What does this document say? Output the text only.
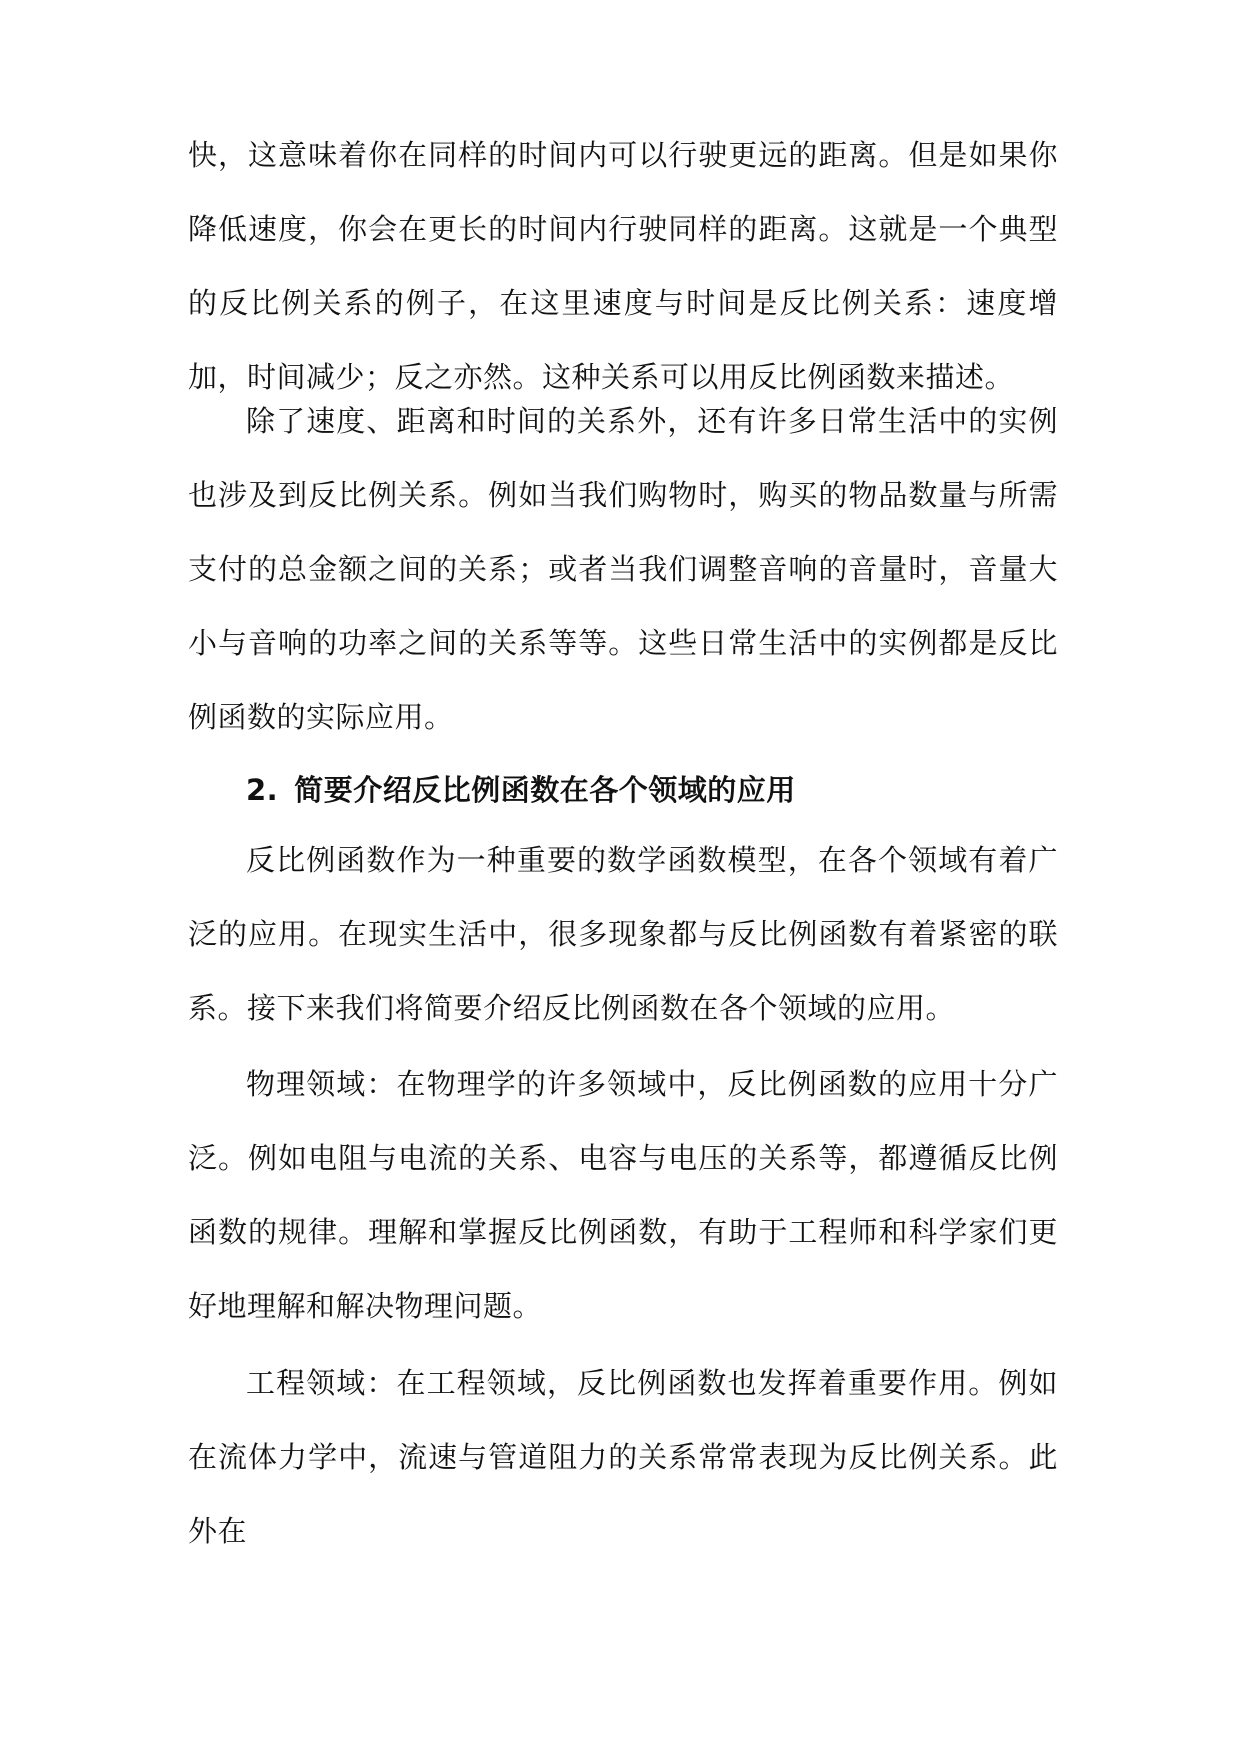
快，这意味着你在同样的时间内可以行驶更远的距离。但是如果你降低速度，你会在更长的时间内行驶同样的距离。这就是一个典型的反比例关系的例子，在这里速度与时间是反比例关系：速度增加，时间减少；反之亦然。这种关系可以用反比例函数来描述。

除了速度、距离和时间的关系外，还有许多日常生活中的实例也涉及到反比例关系。例如当我们购物时，购买的物品数量与所需支付的总金额之间的关系；或者当我们调整音响的音量时，音量大小与音响的功率之间的关系等等。这些日常生活中的实例都是反比例函数的实际应用。

2. 简要介绍反比例函数在各个领域的应用

反比例函数作为一种重要的数学函数模型，在各个领域有着广泛的应用。在现实生活中，很多现象都与反比例函数有着紧密的联系。接下来我们将简要介绍反比例函数在各个领域的应用。

物理领域：在物理学的许多领域中，反比例函数的应用十分广泛。例如电阻与电流的关系、电容与电压的关系等，都遵循反比例函数的规律。理解和掌握反比例函数，有助于工程师和科学家们更好地理解和解决物理问题。

工程领域：在工程领域，反比例函数也发挥着重要作用。例如在流体力学中，流速与管道阻力的关系常常表现为反比例关系。此外在
